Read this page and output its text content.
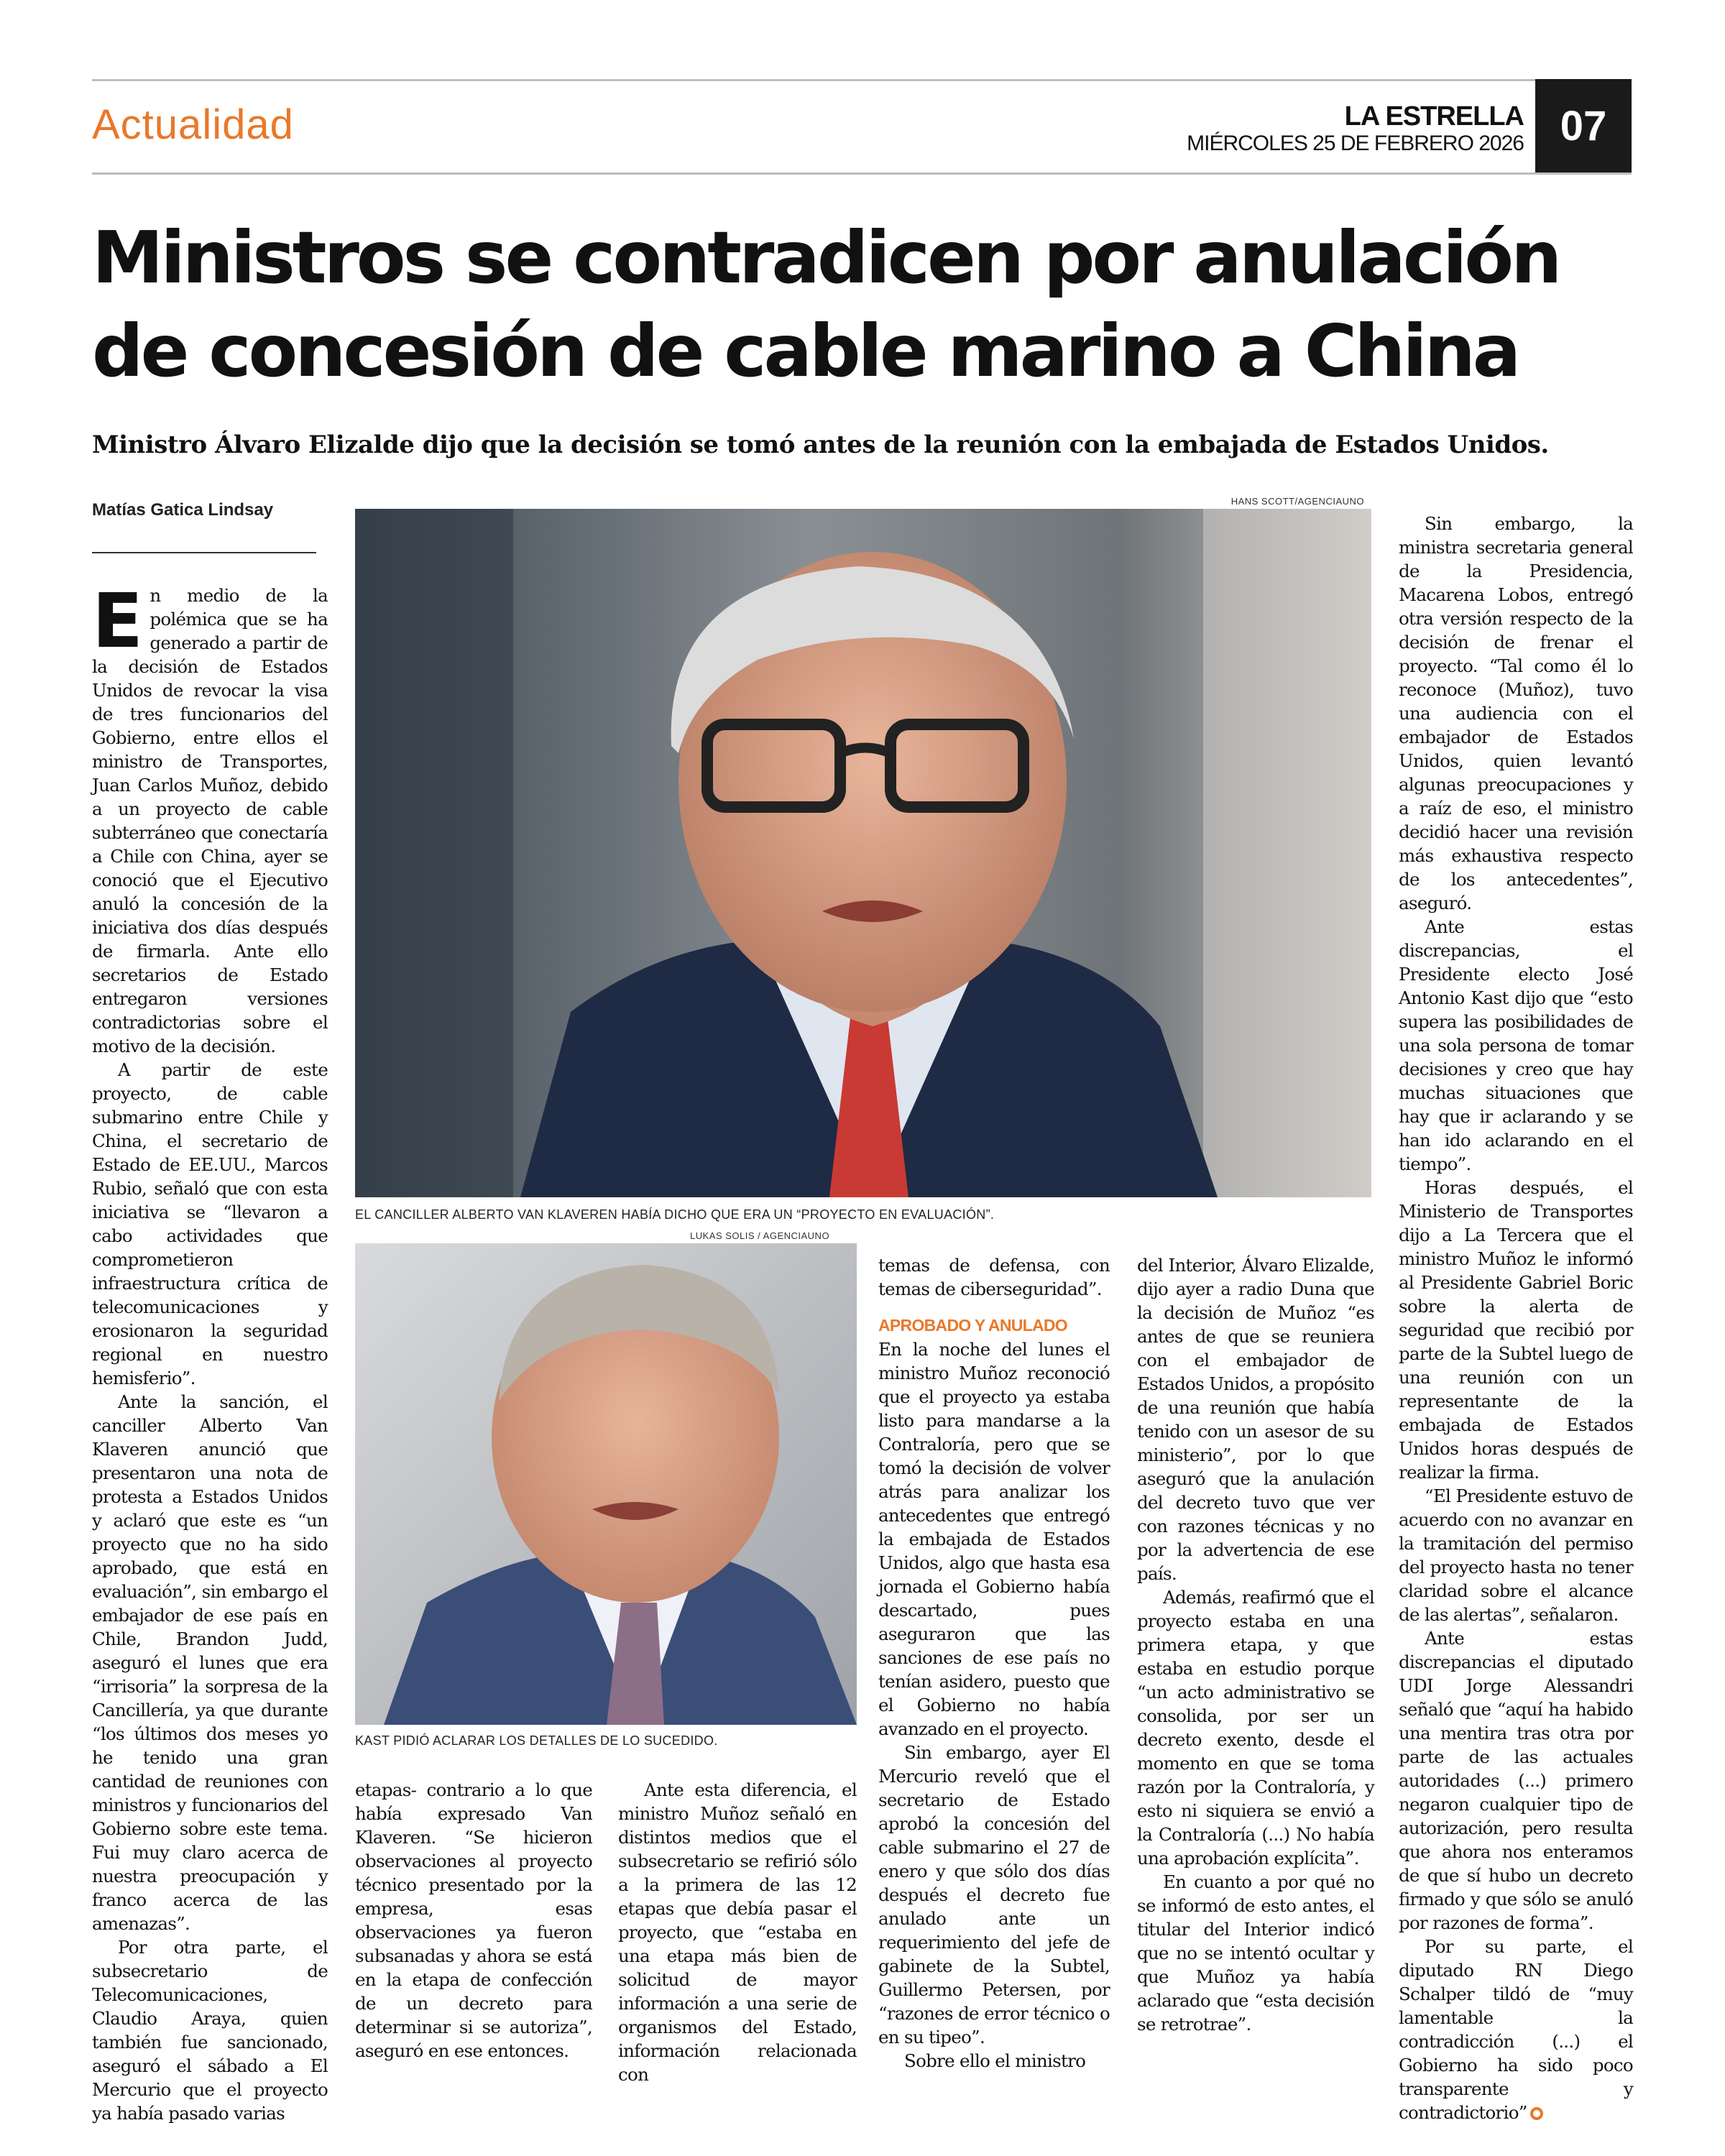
Actualidad	LA ESTRELLA
MIÉRCOLES 25 DE FEBRERO 2026 07
Ministros se contradicen por anulación
de concesión de cable marino a China
Ministro Álvaro Elizalde dijo que la decisión se tomó antes de la reunión con la embajada de Estados Unidos.
Matías Gatica Lindsay

En medio de la polémica que se ha generado a partir de la decisión de Estados Unidos de revocar la visa de tres funcionarios del Gobierno, entre ellos el ministro de Transportes, Juan Carlos Muñoz, debido a un proyecto de cable subterráneo que conectaría a Chile con China, ayer se conoció que el Ejecutivo anuló la concesión de la iniciativa dos días después de firmarla. Ante ello secretarios de Estado entregaron versiones contradictorias sobre el motivo de la decisión.

A partir de este proyecto, de cable submarino entre Chile y China, el secretario de Estado de EE.UU., Marcos Rubio, señaló que con esta iniciativa se “llevaron a cabo actividades que comprometieron infraestructura crítica de telecomunicaciones y erosionaron la seguridad regional en nuestro hemisferio”.

Ante la sanción, el canciller Alberto Van Klaveren anunció que presentaron una nota de protesta a Estados Unidos y aclaró que este es “un proyecto que no ha sido aprobado, que está en evaluación”, sin embargo el embajador de ese país en Chile, Brandon Judd, aseguró el lunes que era “irrisoria” la sorpresa de la Cancillería, ya que durante “los últimos dos meses yo he tenido una gran cantidad de reuniones con ministros y funcionarios del Gobierno sobre este tema. Fui muy claro acerca de nuestra preocupación y franco acerca de las amenazas”.

Por otra parte, el subsecretario de Telecomunicaciones, Claudio Araya, quien también fue sancionado, aseguró el sábado a El Mercurio que el proyecto ya había pasado varias

HANS SCOTT/AGENCIAUNO
EL CANCILLER ALBERTO VAN KLAVEREN HABÍA DICHO QUE ERA UN “PROYECTO EN EVALUACIÓN”.
LUKAS SOLIS / AGENCIAUNO
KAST PIDIÓ ACLARAR LOS DETALLES DE LO SUCEDIDO.

etapas- contrario a lo que había expresado Van Klaveren. “Se hicieron observaciones al proyecto técnico presentado por la empresa, esas observaciones ya fueron subsanadas y ahora se está en la etapa de confección de un decreto para determinar si se autoriza”, aseguró en ese entonces.

Ante esta diferencia, el ministro Muñoz señaló en distintos medios que el subsecretario se refirió sólo a la primera de las 12 etapas que debía pasar el proyecto, que “estaba en una etapa más bien de solicitud de mayor información a una serie de organismos del Estado, información relacionada con

temas de defensa, con temas de ciberseguridad”.

APROBADO Y ANULADO

En la noche del lunes el ministro Muñoz reconoció que el proyecto ya estaba listo para mandarse a la Contraloría, pero que se tomó la decisión de volver atrás para analizar los antecedentes que entregó la embajada de Estados Unidos, algo que hasta esa jornada el Gobierno había descartado, pues aseguraron que las sanciones de ese país no tenían asidero, puesto que el Gobierno no había avanzado en el proyecto.

Sin embargo, ayer El Mercurio reveló que el secretario de Estado aprobó la concesión del cable submarino el 27 de enero y que sólo dos días después el decreto fue anulado ante un requerimiento del jefe de gabinete de la Subtel, Guillermo Petersen, por “razones de error técnico o en su tipeo”.

Sobre ello el ministro

del Interior, Álvaro Elizalde, dijo ayer a radio Duna que la decisión de Muñoz “es antes de que se reuniera con el embajador de Estados Unidos, a propósito de una reunión que había tenido con un asesor de su ministerio”, por lo que aseguró que la anulación del decreto tuvo que ver con razones técnicas y no por la advertencia de ese país.

Además, reafirmó que el proyecto estaba en una primera etapa, y que estaba en estudio porque “un acto administrativo se consolida, por ser un decreto exento, desde el momento en que se toma razón por la Contraloría, y esto ni siquiera se envió a la Contraloría (...) No había una aprobación explícita”.

En cuanto a por qué no se informó de esto antes, el titular del Interior indicó que no se intentó ocultar y que Muñoz ya había aclarado que “esta decisión se retrotrae”.

Sin embargo, la ministra secretaria general de la Presidencia, Macarena Lobos, entregó otra versión respecto de la decisión de frenar el proyecto. “Tal como él lo reconoce (Muñoz), tuvo una audiencia con el embajador de Estados Unidos, quien levantó algunas preocupaciones y a raíz de eso, el ministro decidió hacer una revisión más exhaustiva respecto de los antecedentes”, aseguró.

Ante estas discrepancias, el Presidente electo José Antonio Kast dijo que “esto supera las posibilidades de una sola persona de tomar decisiones y creo que hay muchas situaciones que hay que ir aclarando y se han ido aclarando en el tiempo”.

Horas después, el Ministerio de Transportes dijo a La Tercera que el ministro Muñoz le informó al Presidente Gabriel Boric sobre la alerta de seguridad que recibió por parte de la Subtel luego de una reunión con un representante de la embajada de Estados Unidos horas después de realizar la firma.

“El Presidente estuvo de acuerdo con no avanzar en la tramitación del permiso del proyecto hasta no tener claridad sobre el alcance de las alertas”, señalaron.

Ante estas discrepancias el diputado UDI Jorge Alessandri señaló que “aquí ha habido una mentira tras otra por parte de las actuales autoridades (...) primero negaron cualquier tipo de autorización, pero resulta que ahora nos enteramos de que sí hubo un decreto firmado y que sólo se anuló por razones de forma”.

Por su parte, el diputado RN Diego Schalper tildó de “muy lamentable la contradicción (...) el Gobierno ha sido poco transparente y contradictorio”
